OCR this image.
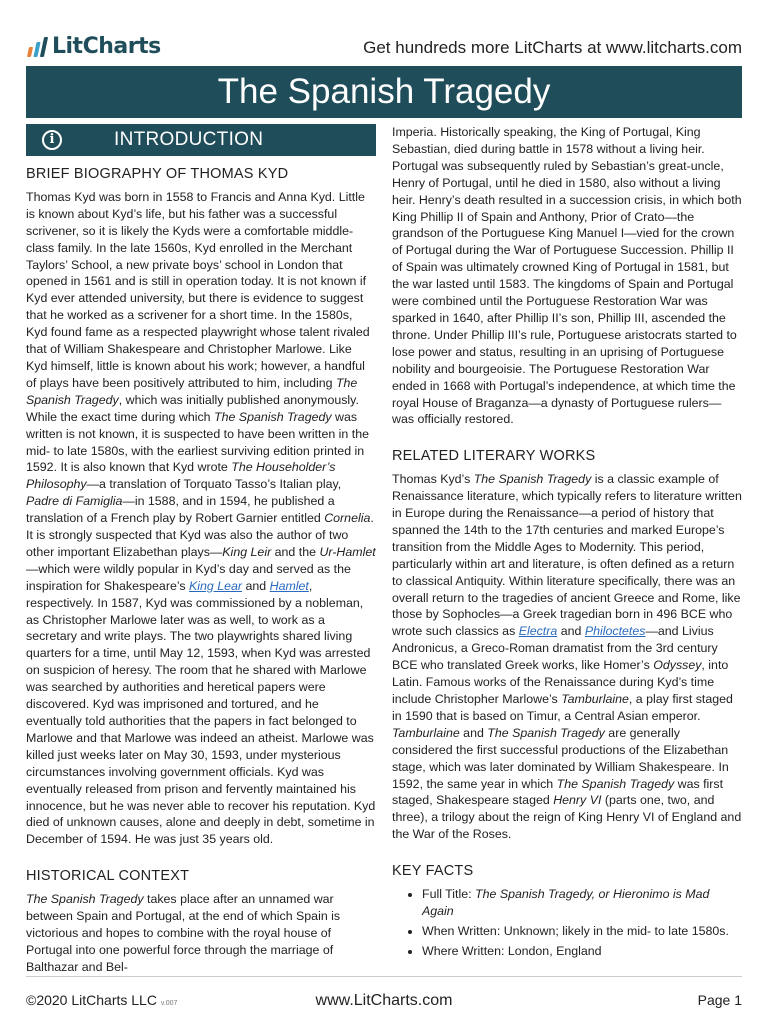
LitCharts	Get hundreds more LitCharts at www.litcharts.com
The Spanish Tragedy
i	INTRODUCTION
BRIEF BIOGRAPHY OF THOMAS KYD

Thomas Kyd was born in 1558 to Francis and Anna Kyd. Little is known about Kyd’s life, but his father was a successful scrivener, so it is likely the Kyds were a comfortable middle-class family. In the late 1560s, Kyd enrolled in the Merchant Taylors’ School, a new private boys’ school in London that opened in 1561 and is still in operation today. It is not known if Kyd ever attended university, but there is evidence to suggest that he worked as a scrivener for a short time. In the 1580s, Kyd found fame as a respected playwright whose talent rivaled that of William Shakespeare and Christopher Marlowe. Like Kyd himself, little is known about his work; however, a handful of plays have been positively attributed to him, including The Spanish Tragedy, which was initially published anonymously. While the exact time during which The Spanish Tragedy was written is not known, it is suspected to have been written in the mid- to late 1580s, with the earliest surviving edition printed in 1592. It is also known that Kyd wrote The Householder’s Philosophy—a translation of Torquato Tasso’s Italian play, Padre di Famiglia—in 1588, and in 1594, he published a translation of a French play by Robert Garnier entitled Cornelia. It is strongly suspected that Kyd was also the author of two other important Elizabethan plays—King Leir and the Ur-Hamlet—which were wildly popular in Kyd’s day and served as the inspiration for Shakespeare’s King Lear and Hamlet, respectively. In 1587, Kyd was commissioned by a nobleman, as Christopher Marlowe later was as well, to work as a secretary and write plays. The two playwrights shared living quarters for a time, until May 12, 1593, when Kyd was arrested on suspicion of heresy. The room that he shared with Marlowe was searched by authorities and heretical papers were discovered. Kyd was imprisoned and tortured, and he eventually told authorities that the papers in fact belonged to Marlowe and that Marlowe was indeed an atheist. Marlowe was killed just weeks later on May 30, 1593, under mysterious circumstances involving government officials. Kyd was eventually released from prison and fervently maintained his innocence, but he was never able to recover his reputation. Kyd died of unknown causes, alone and deeply in debt, sometime in December of 1594. He was just 35 years old.

HISTORICAL CONTEXT

The Spanish Tragedy takes place after an unnamed war between Spain and Portugal, at the end of which Spain is victorious and hopes to combine with the royal house of Portugal into one powerful force through the marriage of Balthazar and Bel-

Imperia. Historically speaking, the King of Portugal, King Sebastian, died during battle in 1578 without a living heir. Portugal was subsequently ruled by Sebastian’s great-uncle, Henry of Portugal, until he died in 1580, also without a living heir. Henry’s death resulted in a succession crisis, in which both King Phillip II of Spain and Anthony, Prior of Crato—the grandson of the Portuguese King Manuel I—vied for the crown of Portugal during the War of Portuguese Succession. Phillip II of Spain was ultimately crowned King of Portugal in 1581, but the war lasted until 1583. The kingdoms of Spain and Portugal were combined until the Portuguese Restoration War was sparked in 1640, after Phillip II’s son, Phillip III, ascended the throne. Under Phillip III’s rule, Portuguese aristocrats started to lose power and status, resulting in an uprising of Portuguese nobility and bourgeoisie. The Portuguese Restoration War ended in 1668 with Portugal’s independence, at which time the royal House of Braganza—a dynasty of Portuguese rulers—was officially restored.

RELATED LITERARY WORKS

Thomas Kyd’s The Spanish Tragedy is a classic example of Renaissance literature, which typically refers to literature written in Europe during the Renaissance—a period of history that spanned the 14th to the 17th centuries and marked Europe’s transition from the Middle Ages to Modernity. This period, particularly within art and literature, is often defined as a return to classical Antiquity. Within literature specifically, there was an overall return to the tragedies of ancient Greece and Rome, like those by Sophocles—a Greek tragedian born in 496 BCE who wrote such classics as Electra and Philoctetes—and Livius Andronicus, a Greco-Roman dramatist from the 3rd century BCE who translated Greek works, like Homer’s Odyssey, into Latin. Famous works of the Renaissance during Kyd’s time include Christopher Marlowe’s Tamburlaine, a play first staged in 1590 that is based on Timur, a Central Asian emperor. Tamburlaine and The Spanish Tragedy are generally considered the first successful productions of the Elizabethan stage, which was later dominated by William Shakespeare. In 1592, the same year in which The Spanish Tragedy was first staged, Shakespeare staged Henry VI (parts one, two, and three), a trilogy about the reign of King Henry VI of England and the War of the Roses.

KEY FACTS
• Full Title: The Spanish Tragedy, or Hieronimo is Mad Again
• When Written: Unknown; likely in the mid- to late 1580s.
• Where Written: London, England
©2020 LitCharts LLC v.007	www.LitCharts.com	Page 1
